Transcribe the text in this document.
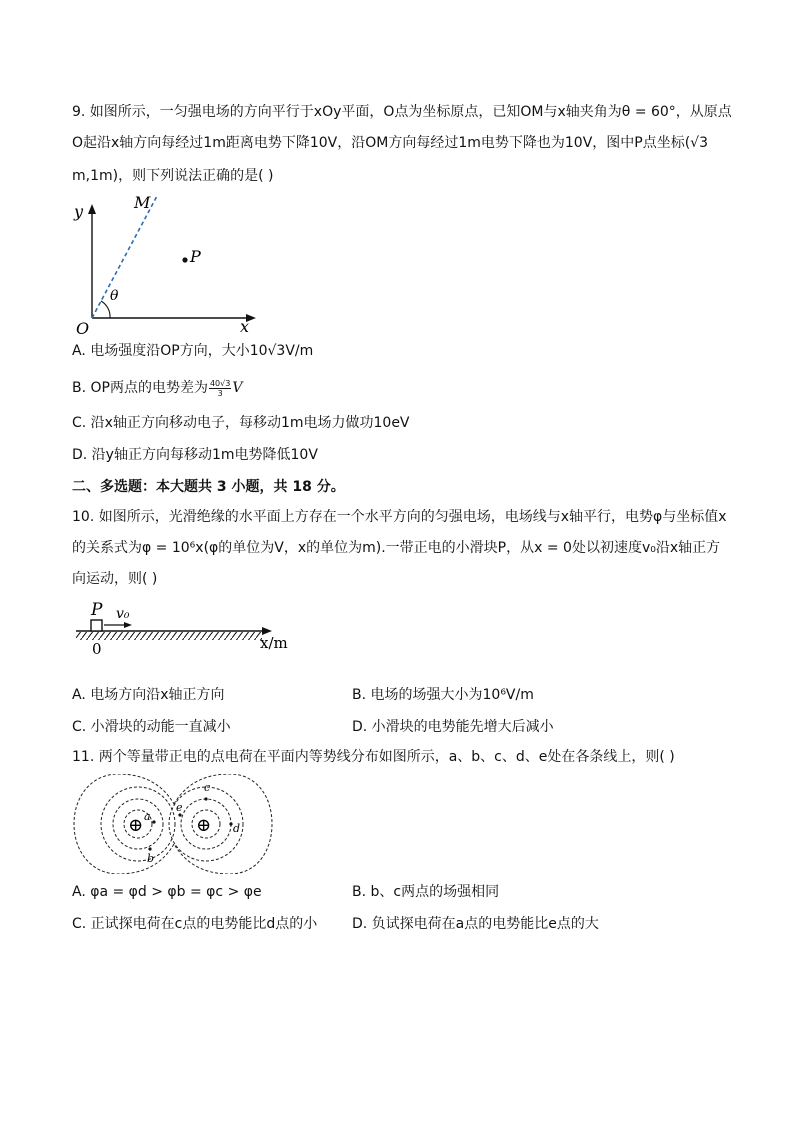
9. 如图所示，一匀强电场的方向平行于xOy平面，O点为坐标原点，已知OM与x轴夹角为θ = 60°，从原点
O起沿x轴方向每经过1m距离电势下降10V，沿OM方向每经过1m电势下降也为10V，图中P点坐标(√3
m,1m)，则下列说法正确的是( )
y	M
P
θ
O	x
A. 电场强度沿OP方向，大小10√3V/m
B. OP两点的电势差为 $\frac{40√3}{3}$ V
C. 沿x轴正方向移动电子，每移动1m电场力做功10eV
D. 沿y轴正方向每移动1m电势降低10V
二、多选题：本大题共 3 小题，共 18 分。
10. 如图所示，光滑绝缘的水平面上方存在一个水平方向的匀强电场，电场线与x轴平行，电势φ与坐标值x
的关系式为φ = 10⁶x(φ的单位为V，x的单位为m).一带正电的小滑块P，从x = 0处以初速度v₀沿x轴正方
向运动，则( )
P v₀
0	x/m
A. 电场方向沿x轴正方向	B. 电场的场强大小为10⁶V/m
C. 小滑块的动能一直减小	D. 小滑块的电势能先增大后减小
11. 两个等量带正电的点电荷在平面内等势线分布如图所示，a、b、c、d、e处在各条线上，则( )
⊕	⊕
a
b
c
d
e
A. φa = φd > φb = φc > φe	B. b、c两点的场强相同
C. 正试探电荷在c点的电势能比d点的小 D. 负试探电荷在a点的电势能比e点的大
